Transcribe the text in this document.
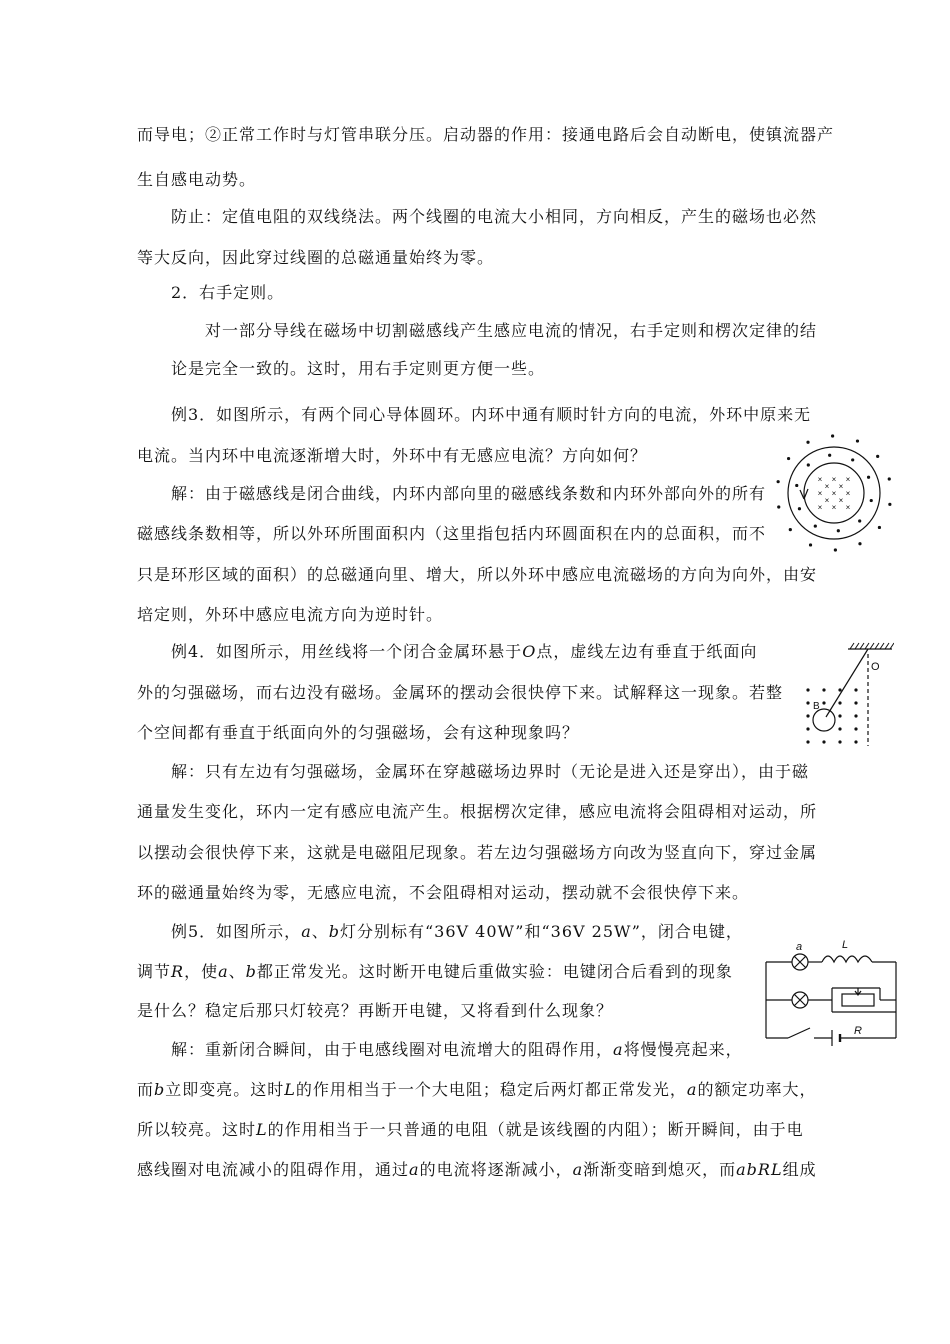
而导电；②正常工作时与灯管串联分压。启动器的作用：接通电路后会自动断电，使镇流器产
生自感电动势。
防止：定值电阻的双线绕法。两个线圈的电流大小相同，方向相反，产生的磁场也必然
等大反向，因此穿过线圈的总磁通量始终为零。
2．右手定则。
对一部分导线在磁场中切割磁感线产生感应电流的情况，右手定则和楞次定律的结
论是完全一致的。这时，用右手定则更方便一些。
例3．如图所示，有两个同心导体圆环。内环中通有顺时针方向的电流，外环中原来无
电流。当内环中电流逐渐增大时，外环中有无感应电流？方向如何？
解：由于磁感线是闭合曲线，内环内部向里的磁感线条数和内环外部向外的所有
磁感线条数相等，所以外环所围面积内（这里指包括内环圆面积在内的总面积，而不
只是环形区域的面积）的总磁通向里、增大，所以外环中感应电流磁场的方向为向外，由安
培定则，外环中感应电流方向为逆时针。
例4．如图所示，用丝线将一个闭合金属环悬于O点，虚线左边有垂直于纸面向
外的匀强磁场，而右边没有磁场。金属环的摆动会很快停下来。试解释这一现象。若整
个空间都有垂直于纸面向外的匀强磁场，会有这种现象吗？
解：只有左边有匀强磁场，金属环在穿越磁场边界时（无论是进入还是穿出），由于磁
通量发生变化，环内一定有感应电流产生。根据楞次定律，感应电流将会阻碍相对运动，所
以摆动会很快停下来，这就是电磁阻尼现象。若左边匀强磁场方向改为竖直向下，穿过金属
环的磁通量始终为零，无感应电流，不会阻碍相对运动，摆动就不会很快停下来。
例5．如图所示，a、b灯分别标有“36V 40W”和“36V 25W”，闭合电键，
调节R，使a、b都正常发光。这时断开电键后重做实验：电键闭合后看到的现象
是什么？稳定后那只灯较亮？再断开电键，又将看到什么现象？
解：重新闭合瞬间，由于电感线圈对电流增大的阻碍作用，a将慢慢亮起来，
而b立即变亮。这时L的作用相当于一个大电阻；稳定后两灯都正常发光，a的额定功率大，
所以较亮。这时L的作用相当于一只普通的电阻（就是该线圈的内阻）；断开瞬间，由于电
感线圈对电流减小的阻碍作用，通过a的电流将逐渐减小，a渐渐变暗到熄灭，而abRL组成
× × ×
× × ×
× × ×
× ×
× ×
O
B
a	L
R
